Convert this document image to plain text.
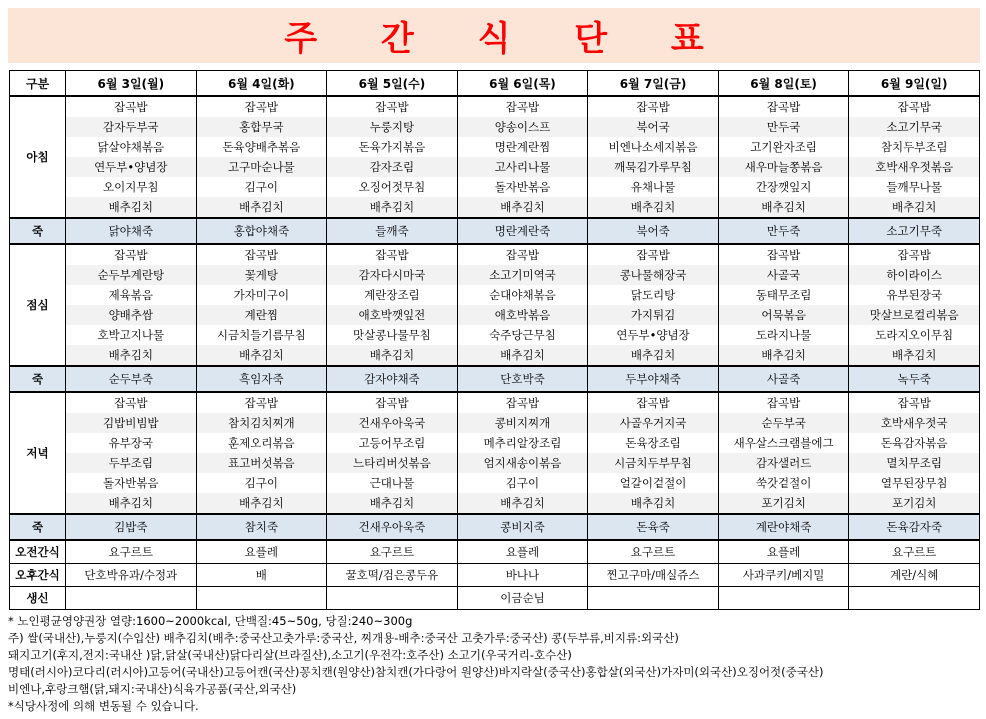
주 간 식 단 표
구분	6월 3일(월)	6월 4일(화)	6월 5일(수)	6월 6일(목)	6월 7일(금)	6월 8일(토)	6월 9일(일)
아침	잡곡밥	잡곡밥	잡곡밥	잡곡밥	잡곡밥	잡곡밥	잡곡밥
	감자두부국	홍합무국	누룽지탕	양송이스프	북어국	만두국	소고기무국
	닭살야채볶음	돈육양배추볶음	돈육가지볶음	명란계란찜	비엔나소세지볶음	고기완자조림	참치두부조림
	연두부•양념장	고구마순나물	감자조림	고사리나물	깨묵김가루무침	새우마늘쫑볶음	호박새우젓볶음
	오이지무침	김구이	오징어젓무침	돌자반볶음	유채나물	간장깻잎지	들깨무나물
	배추김치	배추김치	배추김치	배추김치	배추김치	배추김치	배추김치
죽	닭야채죽	홍합야채죽	들깨죽	명란계란죽	북어죽	만두죽	소고기무죽
점심	잡곡밥	잡곡밥	잡곡밥	잡곡밥	잡곡밥	잡곡밥	잡곡밥
	순두부계란탕	꽃게탕	감자다시마국	소고기미역국	콩나물해장국	사골국	하이라이스
	제육볶음	가자미구이	계란장조림	순대야채볶음	닭도리탕	동태무조림	유부된장국
	양배추쌈	계란찜	애호박깻잎전	애호박볶음	가지튀김	어묵볶음	맛살브로컬리볶음
	호박고지나물	시금치들기름무침	맛살콩나물무침	숙주당근무침	연두부•양념장	도라지나물	도라지오이무침
	배추김치	배추김치	배추김치	배추김치	배추김치	배추김치	배추김치
죽	순두부죽	흑임자죽	감자야채죽	단호박죽	두부야채죽	사골죽	녹두죽
저녁	잡곡밥	잡곡밥	잡곡밥	잡곡밥	잡곡밥	잡곡밥	잡곡밥
	김밥비빔밥	참치김치찌개	건새우아욱국	콩비지찌개	사골우거지국	순두부국	호박새우젓국
	유부장국	훈제오리볶음	고등어무조림	메추리알장조림	돈육장조림	새우살스크램블에그	돈육감자볶음
	두부조림	표고버섯볶음	느타리버섯볶음	엄지새송이볶음	시금치두부무침	감자샐러드	멸치무조림
	돌자반볶음	김구이	근대나물	김구이	얼갈이겉절이	쑥갓겉절이	열무된장무침
	배추김치	배추김치	배추김치	배추김치	배추김치	포기김치	포기김치
죽	김밥죽	참치죽	건새우아욱죽	콩비지죽	돈육죽	계란야채죽	돈육감자죽
오전간식	요구르트	요플레	요구르트	요플레	요구르트	요플레	요구르트
오후간식	단호박유과/수정과	배	꿀호떡/검은콩두유	바나나	찐고구마/매실쥬스	사과쿠키/베지밀	계란/식혜
생신				이금순님			
* 노인평균영양권장 열량:1600~2000kcal, 단백질:45~50g, 당질:240~300g
주) 쌀(국내산),누룽지(수입산) 배추김치(배추:중국산고춧가루:중국산, 찌개용-배추:중국산 고춧가루:중국산) 콩(두부류,비지류:외국산)
돼지고기(후지,전지:국내산 )닭,닭살(국내산)닭다리살(브라질산),소고기(우전각:호주산) 소고기(우국거리-호수산)
명태(러시아)코다리(러시아)고등어(국내산)고등어캔(국산)꽁치캔(원양산)참치캔(가다랑어 원양산)바지락살(중국산)홍합살(외국산)가자미(외국산)오징어젓(중국산)
비엔나,후랑크햄(닭,돼지:국내산)식육가공품(국산,외국산)
*식당사정에 의해 변동될 수 있습니다.
